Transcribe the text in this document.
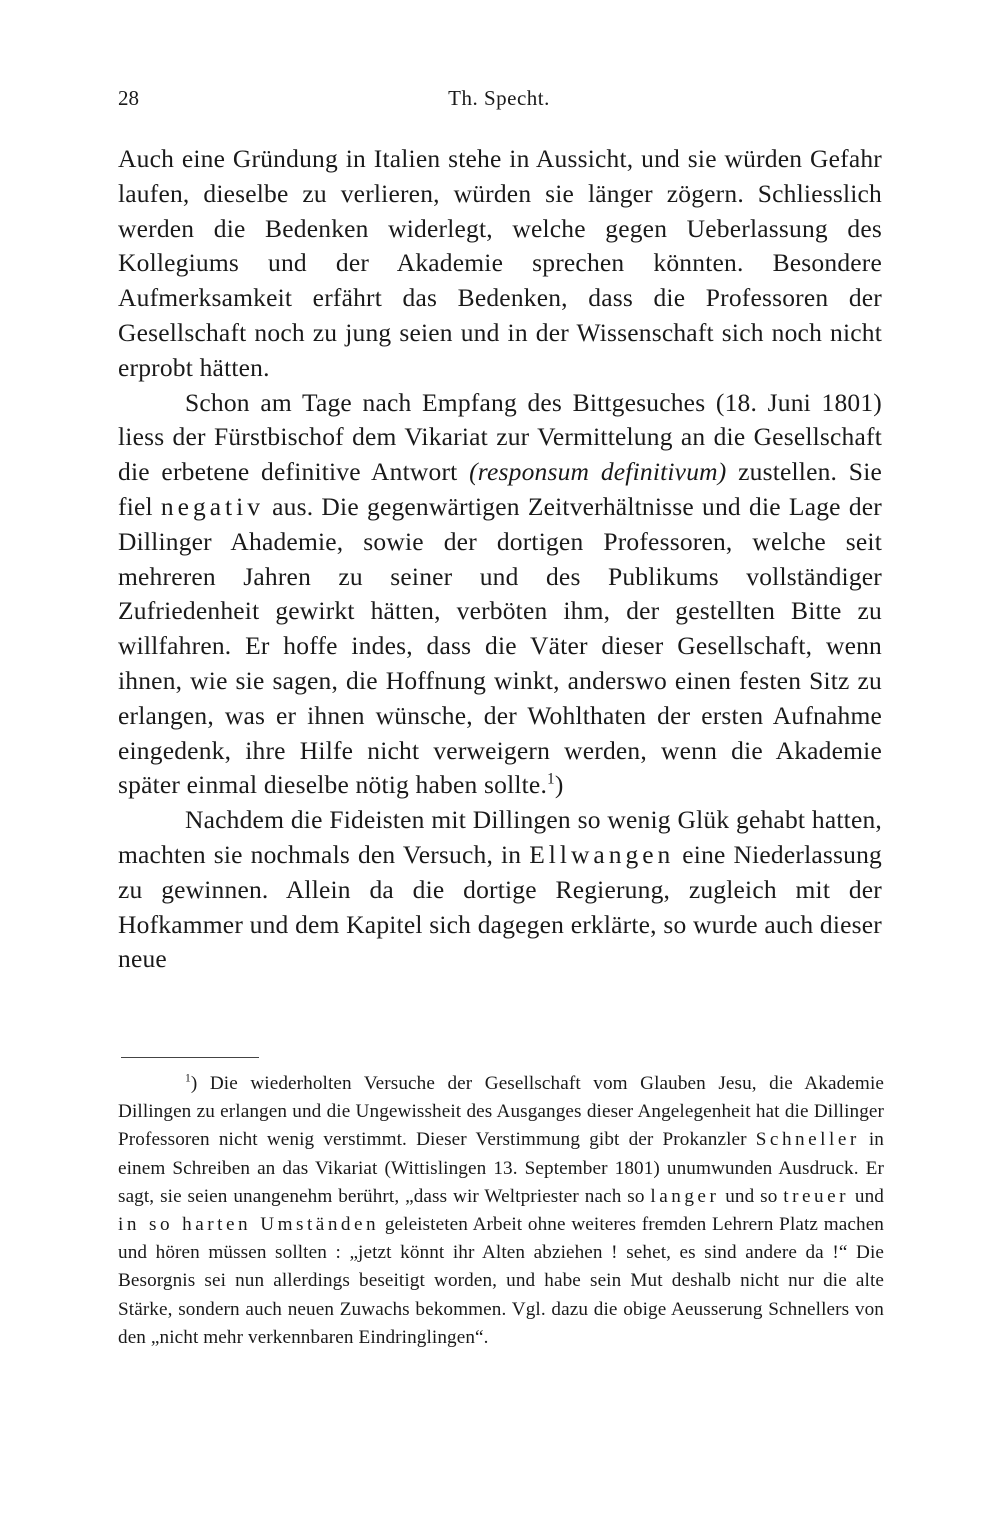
28	Th. Specht.

Auch eine Gründung in Italien stehe in Aussicht, und sie würden Gefahr laufen, dieselbe zu verlieren, würden sie länger zögern. Schliesslich werden die Bedenken widerlegt, welche gegen Ueberlassung des Kollegiums und der Akademie sprechen könnten. Besondere Aufmerksamkeit erfährt das Bedenken, dass die Professoren der Gesellschaft noch zu jung seien und in der Wissenschaft sich noch nicht erprobt hätten.

Schon am Tage nach Empfang des Bittgesuches (18. Juni 1801) liess der Fürstbischof dem Vikariat zur Vermittelung an die Gesellschaft die erbetene definitive Antwort (responsum definitivum) zustellen. Sie fiel negativ aus. Die gegenwärtigen Zeitverhältnisse und die Lage der Dillinger Ahademie, sowie der dortigen Professoren, welche seit mehreren Jahren zu seiner und des Publikums vollständiger Zufriedenheit gewirkt hätten, verböten ihm, der gestellten Bitte zu willfahren. Er hoffe indes, dass die Väter dieser Gesellschaft, wenn ihnen, wie sie sagen, die Hoffnung winkt, anderswo einen festen Sitz zu erlangen, was er ihnen wünsche, der Wohlthaten der ersten Aufnahme eingedenk, ihre Hilfe nicht verweigern werden, wenn die Akademie später einmal dieselbe nötig haben sollte.$^1$)

Nachdem die Fideisten mit Dillingen so wenig Glük gehabt hatten, machten sie nochmals den Versuch, in Ellwangen eine Niederlassung zu gewinnen. Allein da die dortige Regierung, zugleich mit der Hofkammer und dem Kapitel sich dagegen erklärte, so wurde auch dieser neue

$^1$) Die wiederholten Versuche der Gesellschaft vom Glauben Jesu, die Akademie Dillingen zu erlangen und die Ungewissheit des Ausganges dieser Angelegenheit hat die Dillinger Professoren nicht wenig verstimmt. Dieser Verstimmung gibt der Prokanzler Schneller in einem Schreiben an das Vikariat (Wittislingen 13. September 1801) unumwunden Ausdruck. Er sagt, sie seien unangenehm berührt, „dass wir Weltpriester nach so langer und so treuer und in so harten Umständen geleisteten Arbeit ohne weiteres fremden Lehrern Platz machen und hören müssen sollten : „jetzt könnt ihr Alten abziehen ! sehet, es sind andere da !“ Die Besorgnis sei nun allerdings beseitigt worden, und habe sein Mut deshalb nicht nur die alte Stärke, sondern auch neuen Zuwachs bekommen. Vgl. dazu die obige Aeusserung Schnellers von den „nicht mehr verkennbaren Eindringlingen“.
